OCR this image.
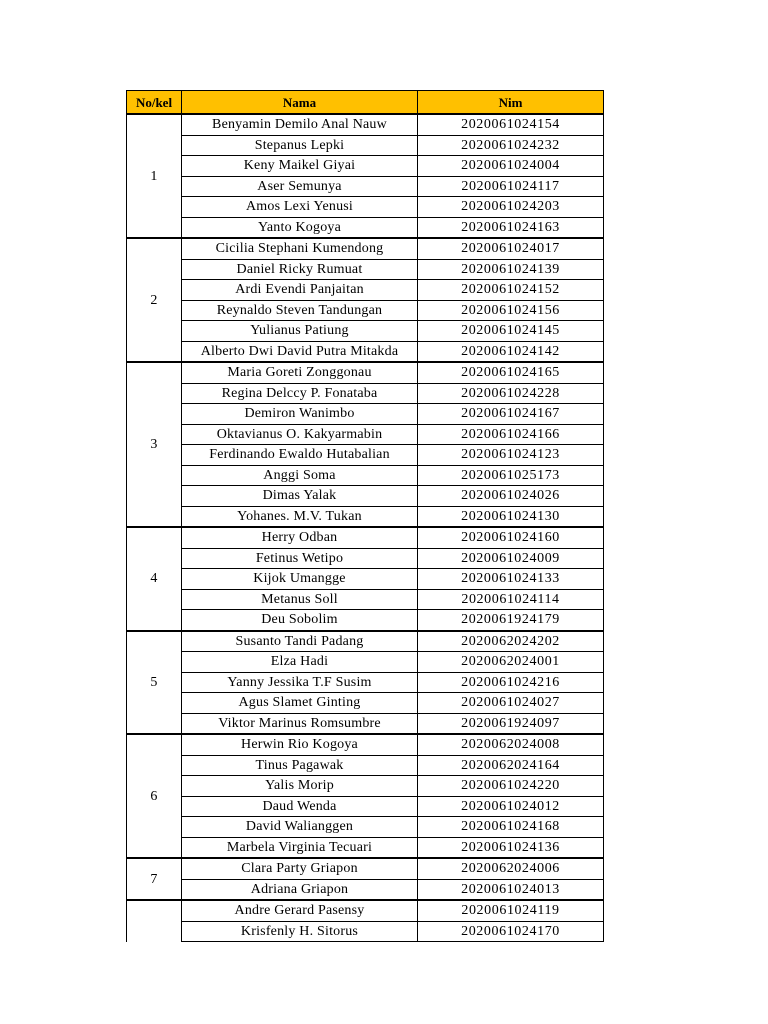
No/kel	Nama	Nim
1	Benyamin Demilo Anal Nauw	2020061024154
	Stepanus Lepki	2020061024232
	Keny Maikel Giyai	2020061024004
	Aser Semunya	2020061024117
	Amos Lexi Yenusi	2020061024203
	Yanto Kogoya	2020061024163
2	Cicilia Stephani Kumendong	2020061024017
	Daniel Ricky Rumuat	2020061024139
	Ardi Evendi Panjaitan	2020061024152
	Reynaldo Steven Tandungan	2020061024156
	Yulianus Patiung	2020061024145
	Alberto Dwi David Putra Mitakda	2020061024142
3	Maria Goreti Zonggonau	2020061024165
	Regina Delccy P. Fonataba	2020061024228
	Demiron Wanimbo	2020061024167
	Oktavianus O. Kakyarmabin	2020061024166
	Ferdinando Ewaldo Hutabalian	2020061024123
	Anggi Soma	2020061025173
	Dimas Yalak	2020061024026
	Yohanes. M.V. Tukan	2020061024130
4	Herry Odban	2020061024160
	Fetinus Wetipo	2020061024009
	Kijok Umangge	2020061024133
	Metanus Soll	2020061024114
	Deu Sobolim	2020061924179
5	Susanto Tandi Padang	2020062024202
	Elza Hadi	2020062024001
	Yanny Jessika T.F Susim	2020061024216
	Agus Slamet Ginting	2020061024027
	Viktor Marinus Romsumbre	2020061924097
6	Herwin Rio Kogoya	2020062024008
	Tinus Pagawak	2020062024164
	Yalis Morip	2020061024220
	Daud Wenda	2020061024012
	David Walianggen	2020061024168
	Marbela Virginia Tecuari	2020061024136
7	Clara Party Griapon	2020062024006
	Adriana Griapon	2020061024013
	Andre Gerard Pasensy	2020061024119
	Krisfenly H. Sitorus	2020061024170
